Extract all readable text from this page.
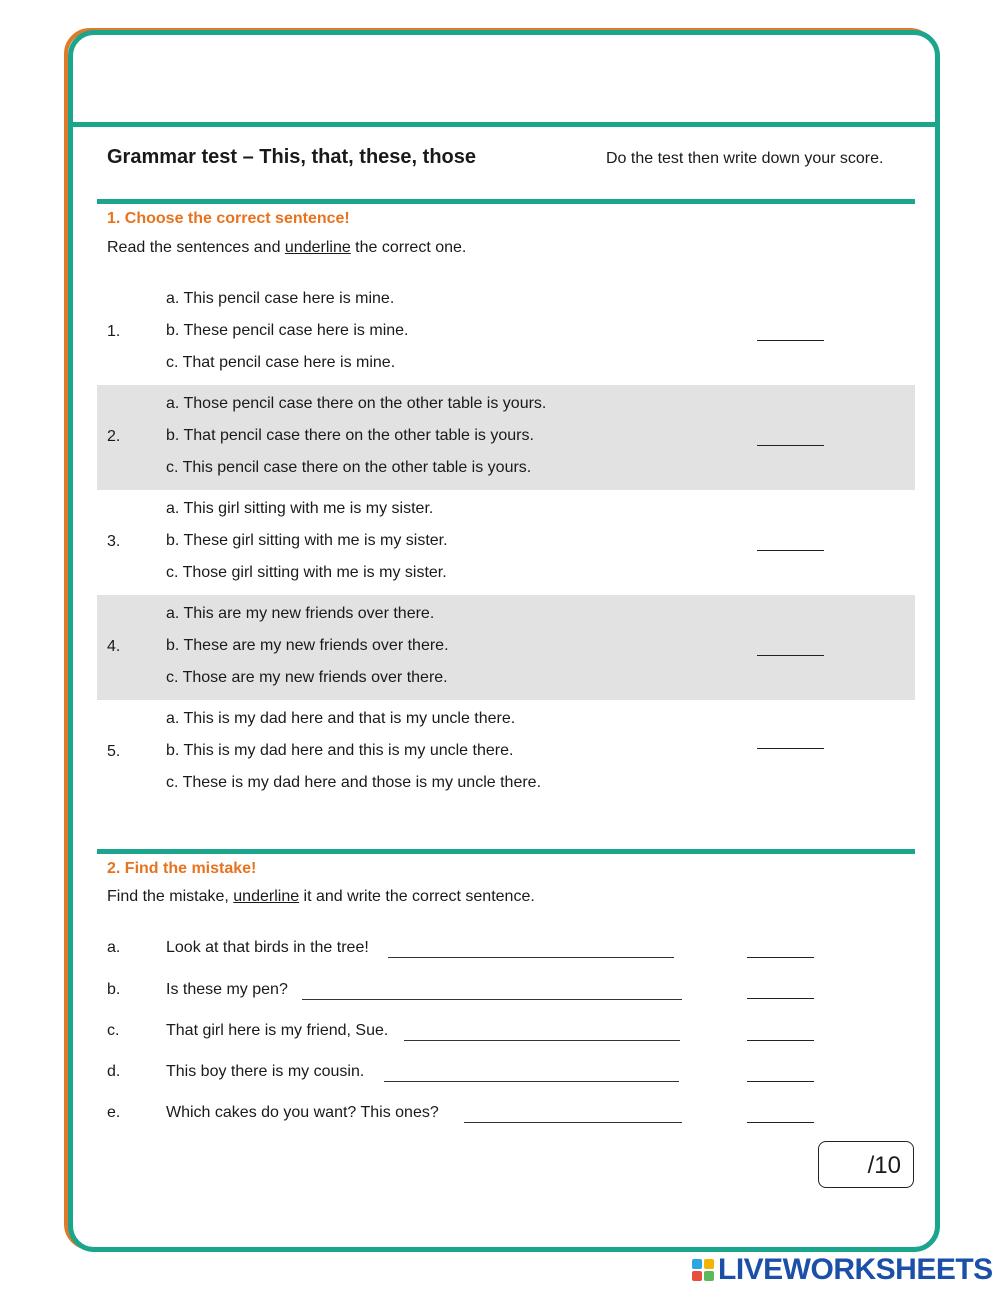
Grammar test – This, that, these, those	Do the test then write down your score.
1. Choose the correct sentence!
Read the sentences and underline the correct one.
1.
a. This pencil case here is mine.
b. These pencil case here is mine.
c. That pencil case here is mine.
2.
a. Those pencil case there on the other table is yours.
b. That pencil case there on the other table is yours.
c. This pencil case there on the other table is yours.
3.
a. This girl sitting with me is my sister.
b. These girl sitting with me is my sister.
c. Those girl sitting with me is my sister.
4.
a. This are my new friends over there.
b. These are my new friends over there.
c. Those are my new friends over there.
5.
a. This is my dad here and that is my uncle there.
b. This is my dad here and this is my uncle there.
c. These is my dad here and those is my uncle there.
2. Find the mistake!
Find the mistake, underline it and write the correct sentence.
a.	Look at that birds in the tree!
b.	Is these my pen?
c.	That girl here is my friend, Sue.
d.	This boy there is my cousin.
e.	Which cakes do you want? This ones?
/10
LIVEWORKSHEETS
